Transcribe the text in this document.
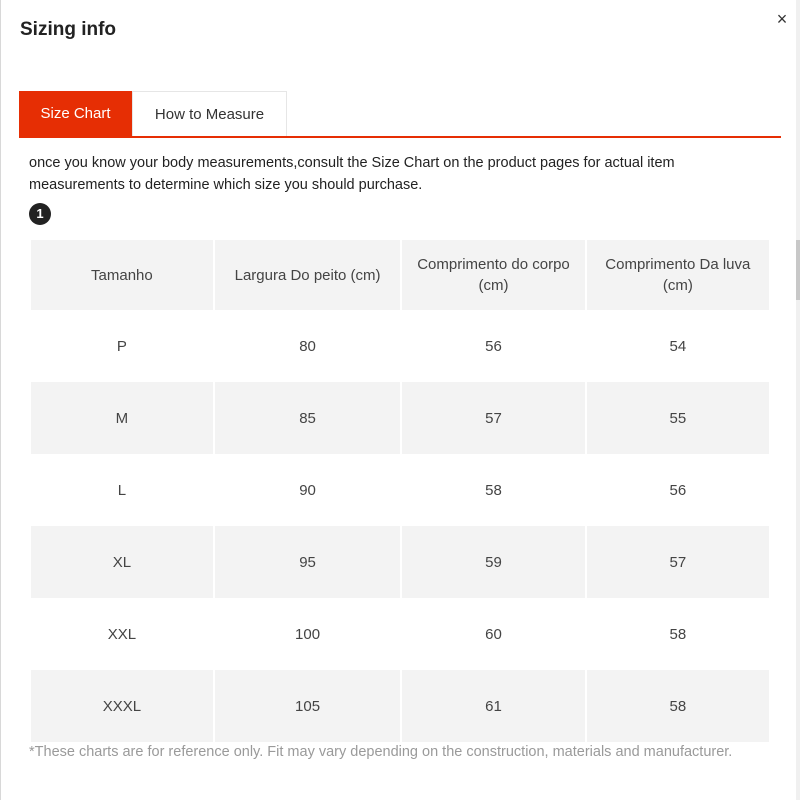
Sizing info	×
Size Chart	How to Measure
once you know your body measurements,consult the Size Chart on the product pages for actual item measurements to determine which size you should purchase.
1
Tamanho	Largura Do peito (cm)	Comprimento do corpo (cm)	Comprimento Da luva (cm)
P	80	56	54
M	85	57	55
L	90	58	56
XL	95	59	57
XXL	100	60	58
XXXL	105	61	58
*These charts are for reference only. Fit may vary depending on the construction, materials and manufacturer.
